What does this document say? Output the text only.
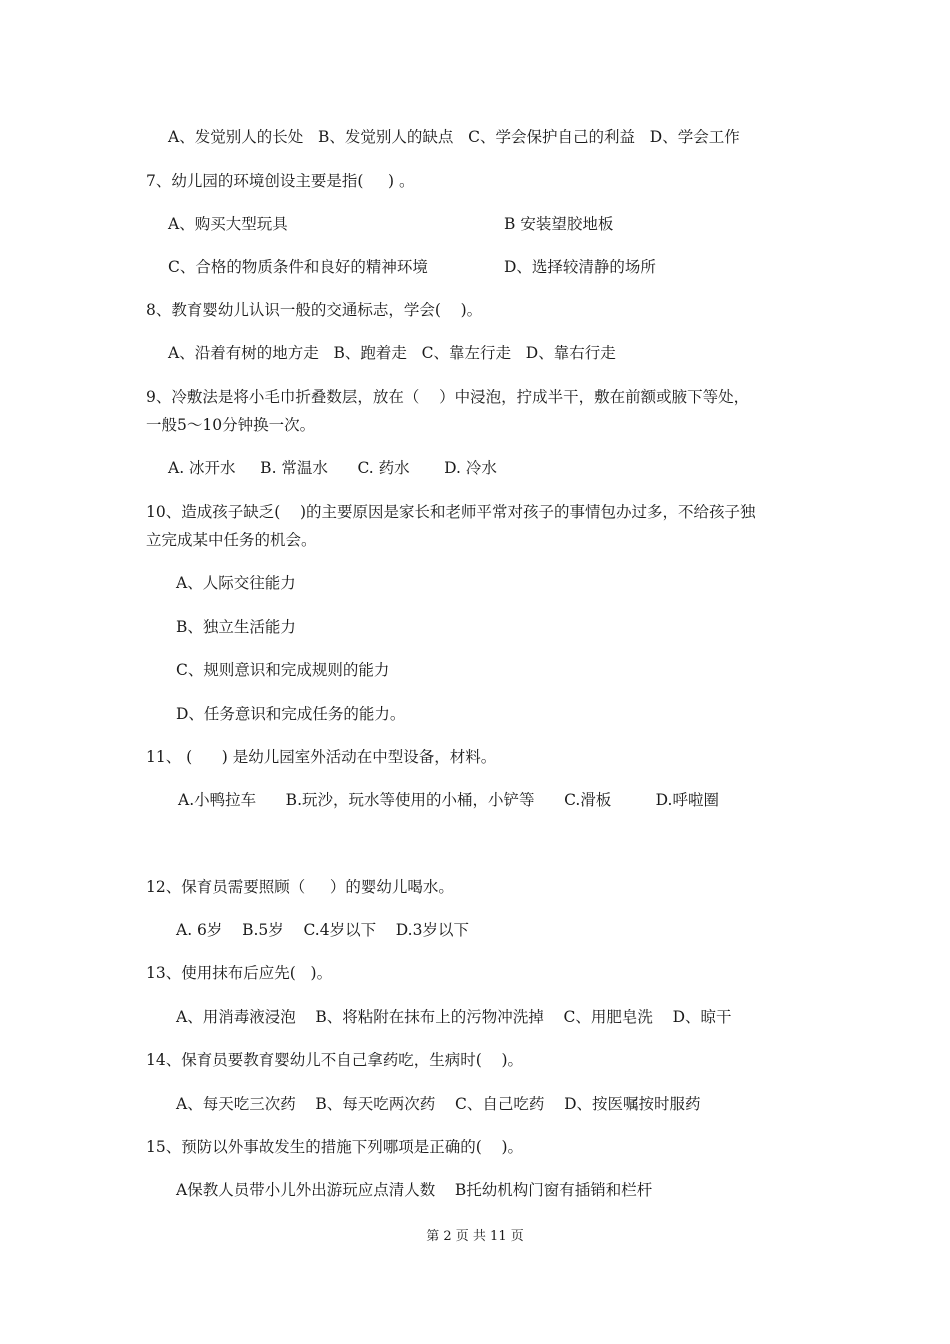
A、发觉别人的长处   B、发觉别人的缺点   C、学会保护自己的利益   D、学会工作
7、幼儿园的环境创设主要是指(     ) 。
A、购买大型玩具	B 安装望胶地板
C、合格的物质条件和良好的精神环境	D、选择较清静的场所
8、教育婴幼儿认识一般的交通标志，学会(    )。
A、沿着有树的地方走   B、跑着走   C、靠左行走   D、靠右行走
9、冷敷法是将小毛巾折叠数层，放在（    ）中浸泡，拧成半干，敷在前额或腋下等处，
一般5～10分钟换一次。
A. 冰开水     B. 常温水      C. 药水       D. 冷水
10、造成孩子缺乏(    )的主要原因是家长和老师平常对孩子的事情包办过多，不给孩子独
立完成某中任务的机会。
A、人际交往能力
B、独立生活能力
C、规则意识和完成规则的能力
D、任务意识和完成任务的能力。
11、 (      ) 是幼儿园室外活动在中型设备，材料。
A.小鸭拉车      B.玩沙，玩水等使用的小桶，小铲等      C.滑板         D.呼啦圈
12、保育员需要照顾（     ）的婴幼儿喝水。
A. 6岁    B.5岁    C.4岁以下    D.3岁以下
13、使用抹布后应先(   )。
A、用消毒液浸泡    B、将粘附在抹布上的污物冲洗掉    C、用肥皂洗    D、晾干
14、保育员要教育婴幼儿不自己拿药吃，生病时(    )。
A、每天吃三次药    B、每天吃两次药    C、自己吃药    D、按医嘱按时服药
15、预防以外事故发生的措施下列哪项是正确的(    )。
A保教人员带小儿外出游玩应点清人数    B托幼机构门窗有插销和栏杆
第 2 页 共 11 页
